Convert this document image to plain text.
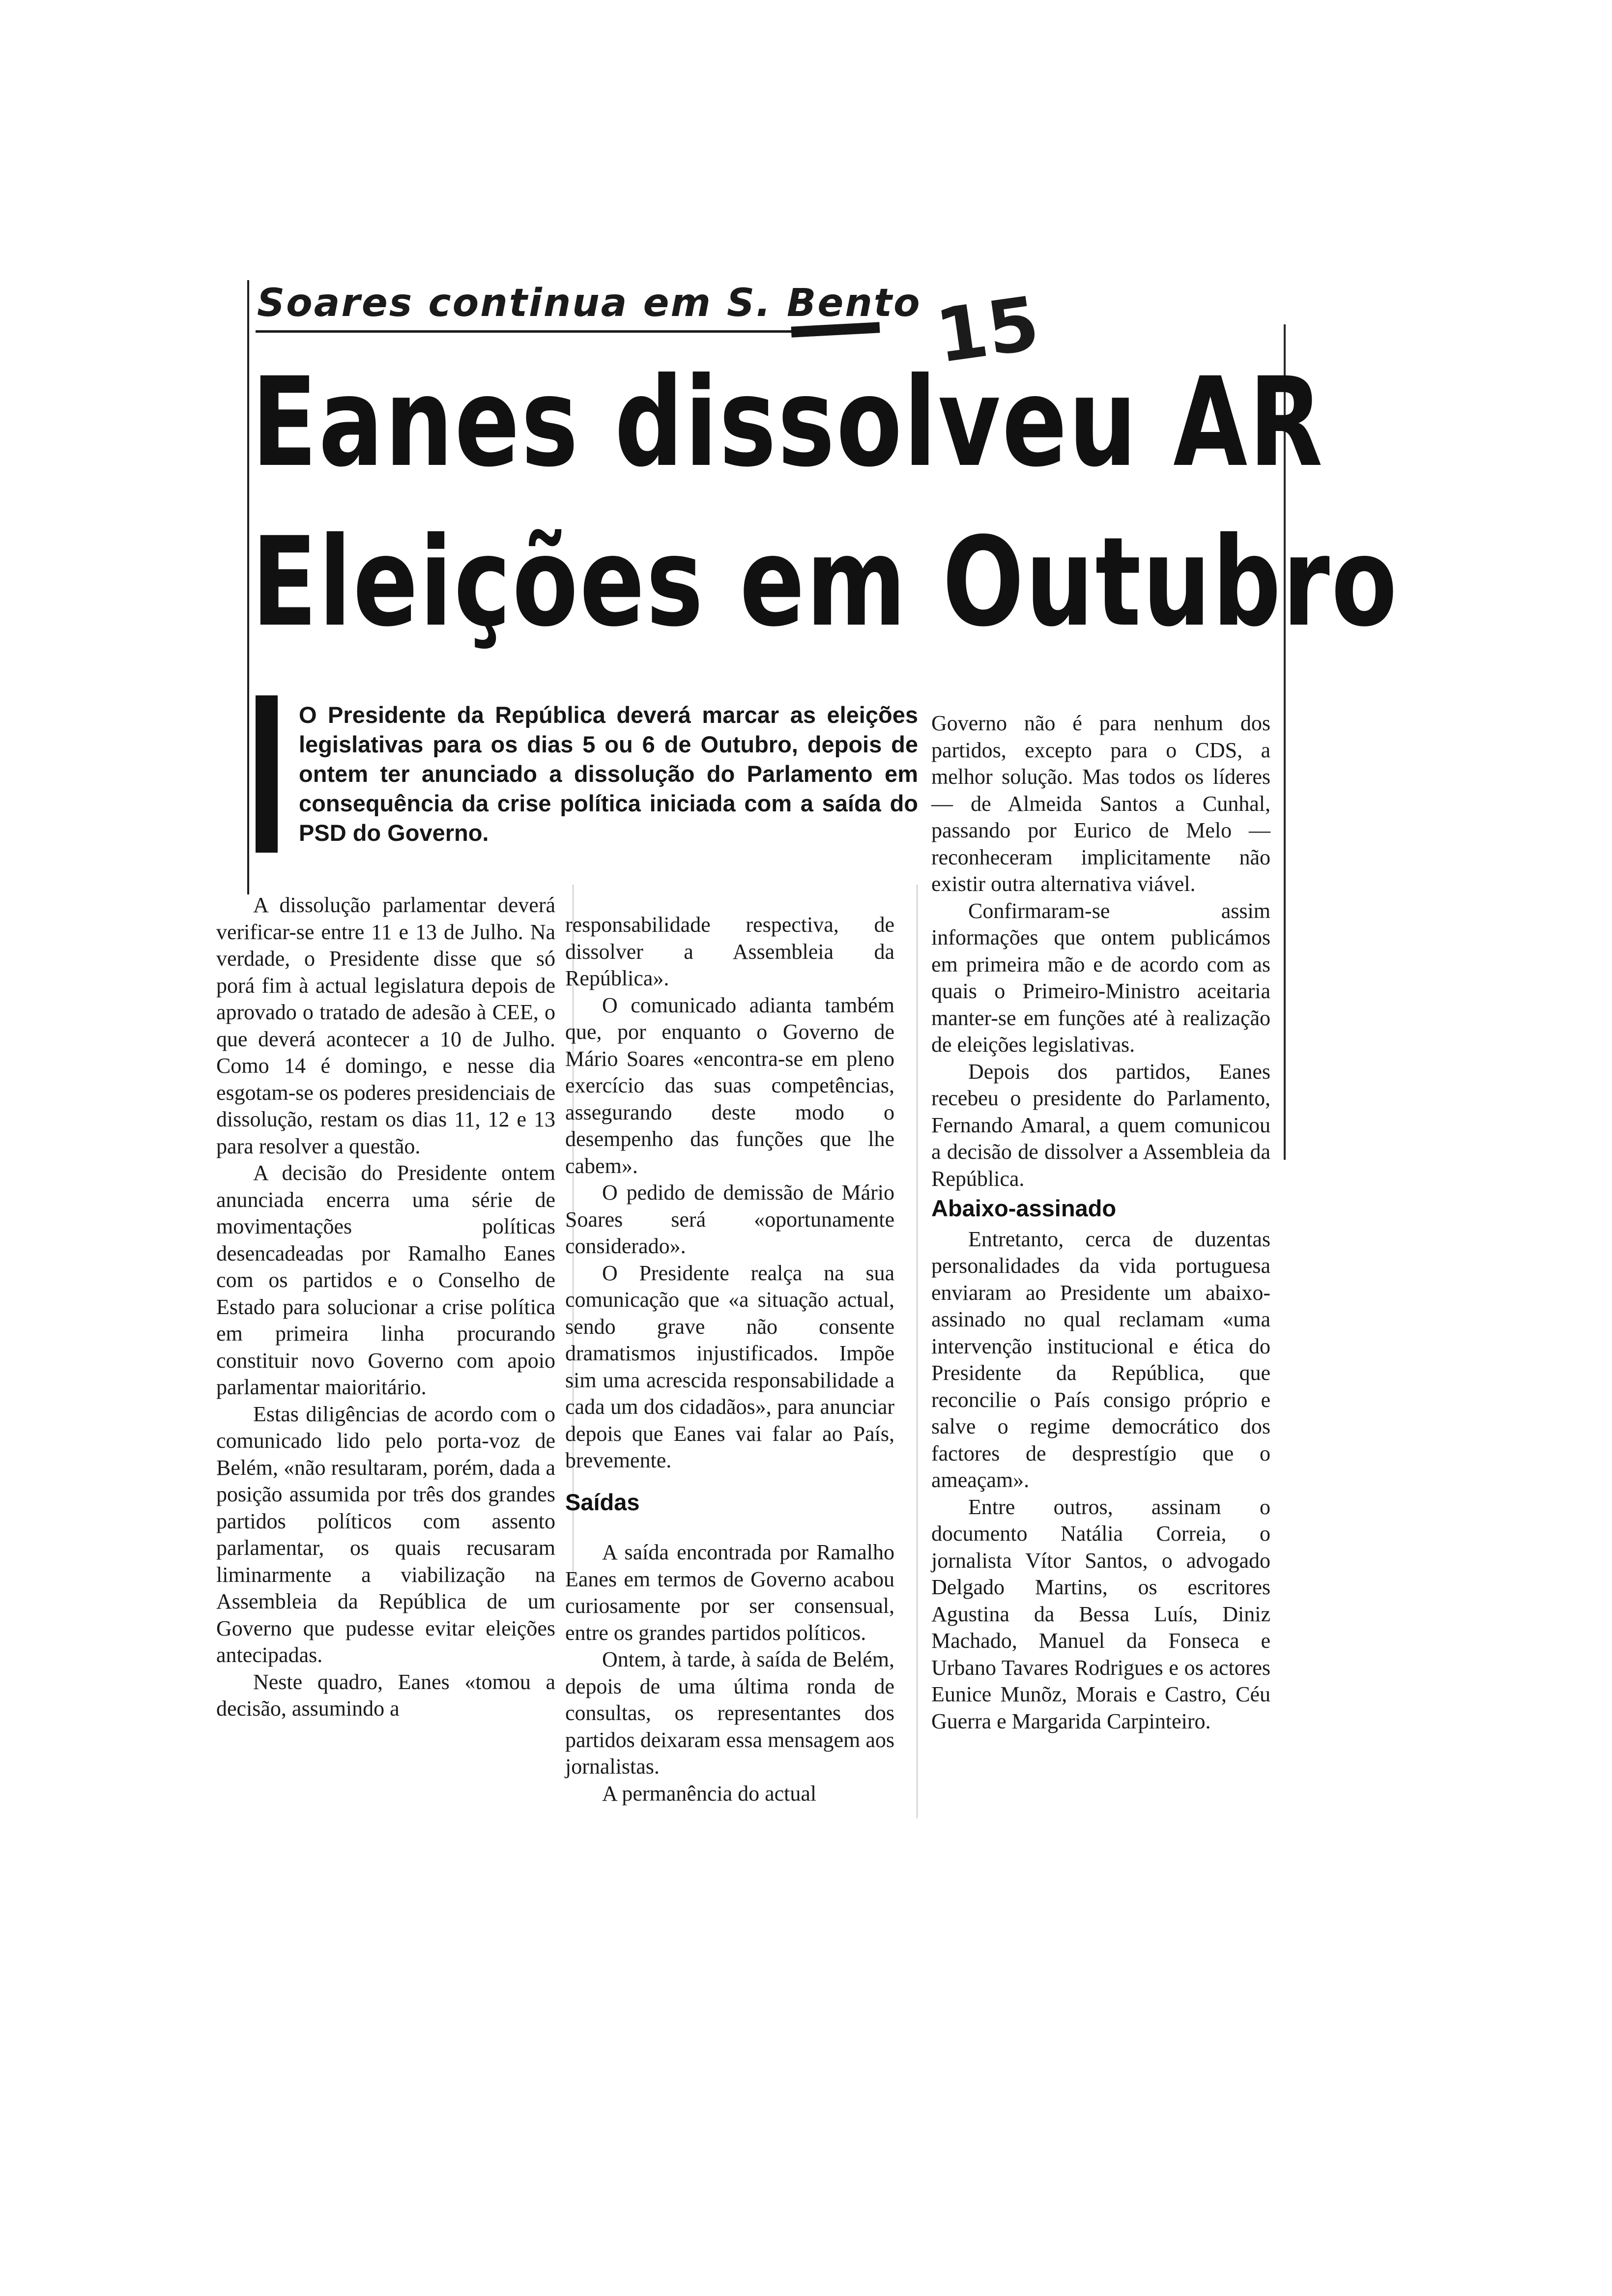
Soares continua em S. Bento 15
Eanes dissolveu AR
Eleições em Outubro
O Presidente da República deverá marcar as eleições legislativas para os dias 5 ou 6 de Outubro, depois de ontem ter anunciado a dissolução do Parlamento em consequência da crise política iniciada com a saída do PSD do Governo.

A dissolução parlamentar deverá verificar-se entre 11 e 13 de Julho. Na verdade, o Presidente disse que só porá fim à actual legislatura depois de aprovado o tratado de adesão à CEE, o que deverá acontecer a 10 de Julho. Como 14 é domingo, e nesse dia esgotam-se os poderes presidenciais de dissolução, restam os dias 11, 12 e 13 para resolver a questão.

A decisão do Presidente ontem anunciada encerra uma série de movimentações políticas desencadeadas por Ramalho Eanes com os partidos e o Conselho de Estado para solucionar a crise política em primeira linha procurando constituir novo Governo com apoio parlamentar maioritário.

Estas diligências de acordo com o comunicado lido pelo porta-voz de Belém, «não resultaram, porém, dada a posição assumida por três dos grandes partidos políticos com assento parlamentar, os quais recusaram liminarmente a viabilização na Assembleia da República de um Governo que pudesse evitar eleições antecipadas.

Neste quadro, Eanes «tomou a decisão, assumindo a

responsabilidade respectiva, de dissolver a Assembleia da República».

O comunicado adianta também que, por enquanto o Governo de Mário Soares «encontra-se em pleno exercício das suas competências, assegurando deste modo o desempenho das funções que lhe cabem».

O pedido de demissão de Mário Soares será «oportunamente considerado».

O Presidente realça na sua comunicação que «a situação actual, sendo grave não consente dramatismos injustificados. Impõe sim uma acrescida responsabilidade a cada um dos cidadãos», para anunciar depois que Eanes vai falar ao País, brevemente.

Saídas

A saída encontrada por Ramalho Eanes em termos de Governo acabou curiosamente por ser consensual, entre os grandes partidos políticos.

Ontem, à tarde, à saída de Belém, depois de uma última ronda de consultas, os representantes dos partidos deixaram essa mensagem aos jornalistas.

A permanência do actual

Governo não é para nenhum dos partidos, excepto para o CDS, a melhor solução. Mas todos os líderes — de Almeida Santos a Cunhal, passando por Eurico de Melo — reconheceram implicitamente não existir outra alternativa viável.

Confirmaram-se assim informações que ontem publicámos em primeira mão e de acordo com as quais o Primeiro-Ministro aceitaria manter-se em funções até à realização de eleições legislativas.

Depois dos partidos, Eanes recebeu o presidente do Parlamento, Fernando Amaral, a quem comunicou a decisão de dissolver a Assembleia da República.

Abaixo-assinado

Entretanto, cerca de duzentas personalidades da vida portuguesa enviaram ao Presidente um abaixo-assinado no qual reclamam «uma intervenção institucional e ética do Presidente da República, que reconcilie o País consigo próprio e salve o regime democrático dos factores de desprestígio que o ameaçam».

Entre outros, assinam o documento Natália Correia, o jornalista Vítor Santos, o advogado Delgado Martins, os escritores Agustina da Bessa Luís, Diniz Machado, Manuel da Fonseca e Urbano Tavares Rodrigues e os actores Eunice Munõz, Morais e Castro, Céu Guerra e Margarida Carpinteiro.
